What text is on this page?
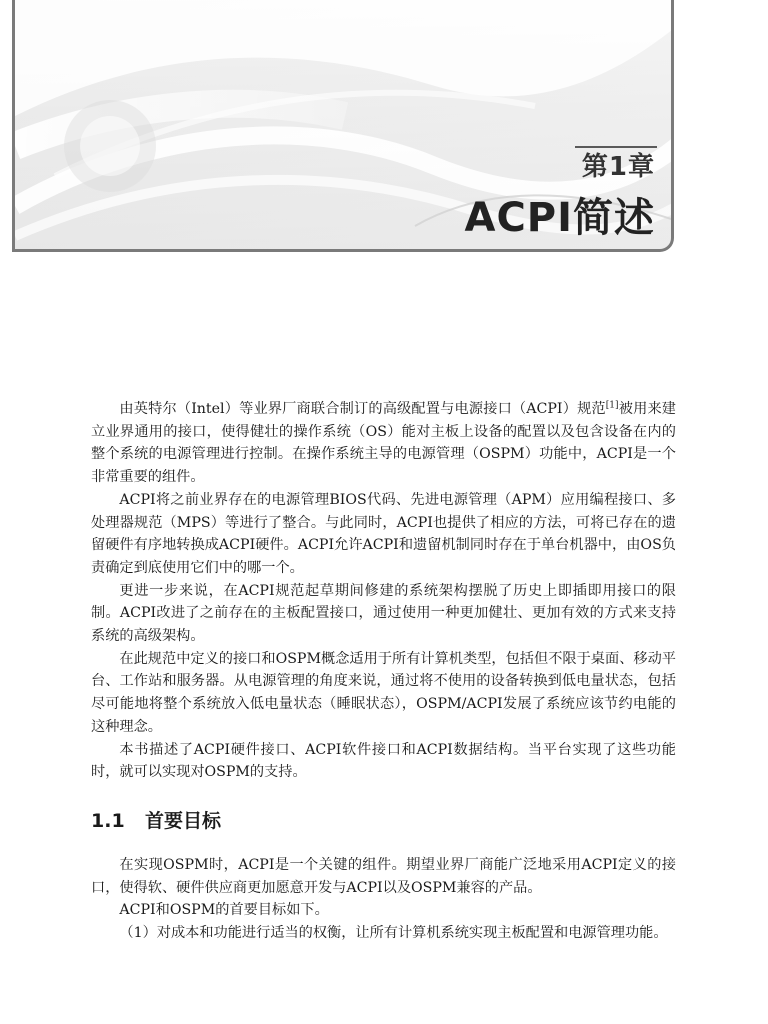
第1章
ACPI简述

由英特尔（Intel）等业界厂商联合制订的高级配置与电源接口（ACPI）规范[1]被用来建立业界通用的接口，使得健壮的操作系统（OS）能对主板上设备的配置以及包含设备在内的整个系统的电源管理进行控制。在操作系统主导的电源管理（OSPM）功能中，ACPI是一个非常重要的组件。

ACPI将之前业界存在的电源管理BIOS代码、先进电源管理（APM）应用编程接口、多处理器规范（MPS）等进行了整合。与此同时，ACPI也提供了相应的方法，可将已存在的遗留硬件有序地转换成ACPI硬件。ACPI允许ACPI和遗留机制同时存在于单台机器中，由OS负责确定到底使用它们中的哪一个。

更进一步来说，在ACPI规范起草期间修建的系统架构摆脱了历史上即插即用接口的限制。ACPI改进了之前存在的主板配置接口，通过使用一种更加健壮、更加有效的方式来支持系统的高级架构。

在此规范中定义的接口和OSPM概念适用于所有计算机类型，包括但不限于桌面、移动平台、工作站和服务器。从电源管理的角度来说，通过将不使用的设备转换到低电量状态，包括尽可能地将整个系统放入低电量状态（睡眠状态），OSPM/ACPI发展了系统应该节约电能的这种理念。

本书描述了ACPI硬件接口、ACPI软件接口和ACPI数据结构。当平台实现了这些功能时，就可以实现对OSPM的支持。

1.1 首要目标

在实现OSPM时，ACPI是一个关键的组件。期望业界厂商能广泛地采用ACPI定义的接口，使得软、硬件供应商更加愿意开发与ACPI以及OSPM兼容的产品。

ACPI和OSPM的首要目标如下。

（1）对成本和功能进行适当的权衡，让所有计算机系统实现主板配置和电源管理功能。
